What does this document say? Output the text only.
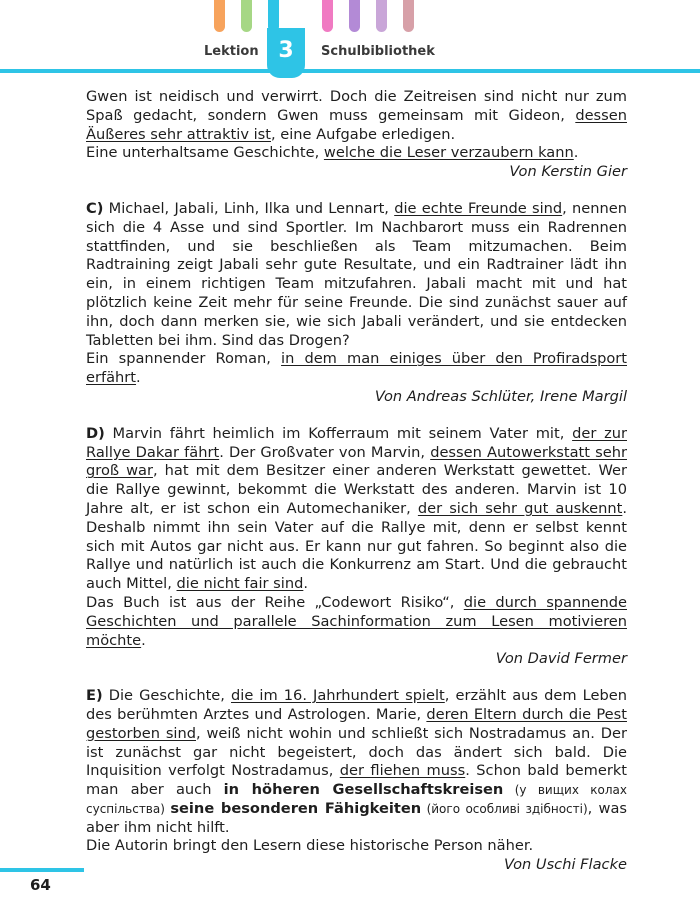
Lektion 3	Schulbibliothek

Gwen ist neidisch und verwirrt. Doch die Zeitreisen sind nicht nur zum Spaß gedacht, sondern Gwen muss gemeinsam mit Gideon, dessen Äußeres sehr attraktiv ist, eine Aufgabe erledigen.

Eine unterhaltsame Geschichte, welche die Leser verzaubern kann.

Von Kerstin Gier

C) Michael, Jabali, Linh, Ilka und Lennart, die echte Freunde sind, nennen sich die 4 Asse und sind Sportler. Im Nachbarort muss ein Radrennen stattfinden, und sie beschließen als Team mitzumachen. Beim Radtraining zeigt Jabali sehr gute Resultate, und ein Radtrainer lädt ihn ein, in einem richtigen Team mitzufahren. Jabali macht mit und hat plötzlich keine Zeit mehr für seine Freunde. Die sind zunächst sauer auf ihn, doch dann merken sie, wie sich Jabali verändert, und sie entdecken Tabletten bei ihm. Sind das Drogen?

Ein spannender Roman, in dem man einiges über den Profiradsport erfährt.

Von Andreas Schlüter, Irene Margil

D) Marvin fährt heimlich im Kofferraum mit seinem Vater mit, der zur Rallye Dakar fährt. Der Großvater von Marvin, dessen Autowerkstatt sehr groß war, hat mit dem Besitzer einer anderen Werkstatt gewettet. Wer die Rallye gewinnt, bekommt die Werkstatt des anderen. Marvin ist 10 Jahre alt, er ist schon ein Automechaniker, der sich sehr gut auskennt. Deshalb nimmt ihn sein Vater auf die Rallye mit, denn er selbst kennt sich mit Autos gar nicht aus. Er kann nur gut fahren. So beginnt also die Rallye und natürlich ist auch die Konkurrenz am Start. Und die gebraucht auch Mittel, die nicht fair sind.

Das Buch ist aus der Reihe „Codewort Risiko“, die durch spannende Geschichten und parallele Sachinformation zum Lesen motivieren möchte.

Von David Fermer

E) Die Geschichte, die im 16. Jahrhundert spielt, erzählt aus dem Leben des berühmten Arztes und Astrologen. Marie, deren Eltern durch die Pest gestorben sind, weiß nicht wohin und schließt sich Nostradamus an. Der ist zunächst gar nicht begeistert, doch das ändert sich bald. Die Inquisition verfolgt Nostradamus, der fliehen muss. Schon bald bemerkt man aber auch in höheren Gesellschaftskreisen (у вищих колах суспільства) seine besonderen Fähigkeiten (його особливі здібності), was aber ihm nicht hilft.

Die Autorin bringt den Lesern diese historische Person näher.

Von Uschi Flacke

64
